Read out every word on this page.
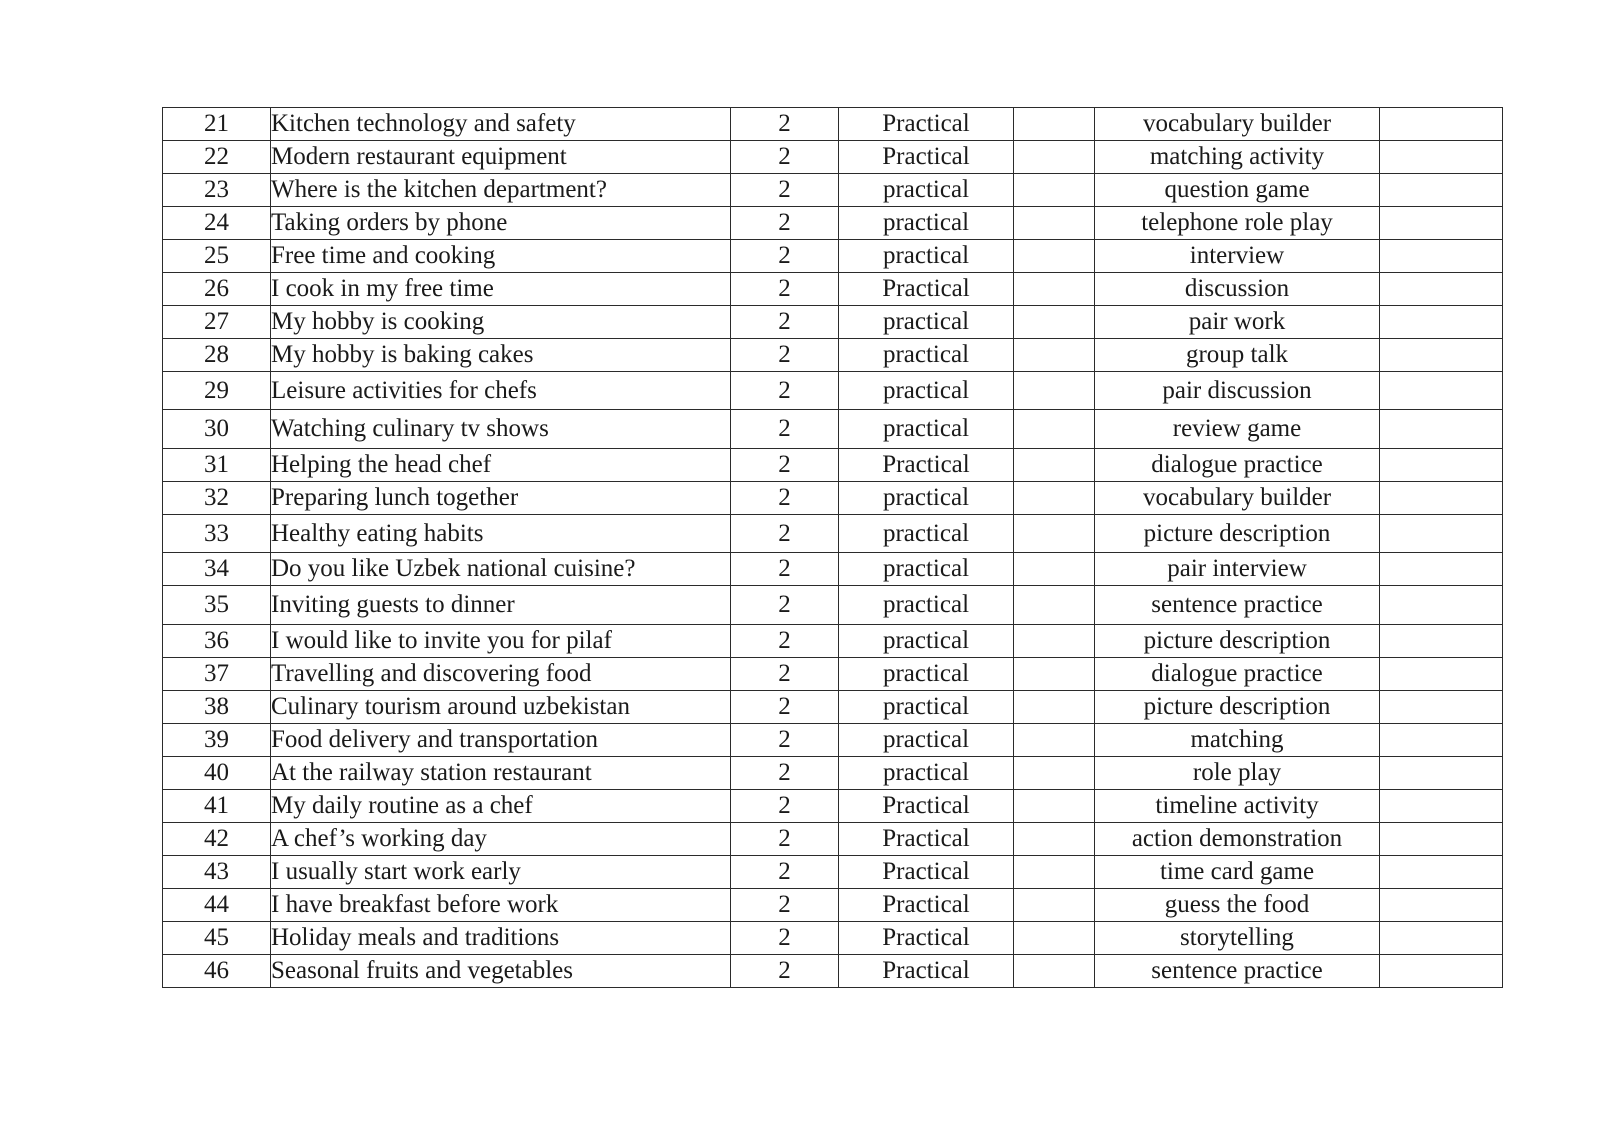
21	Kitchen technology and safety	2	Practical		vocabulary builder	
22	Modern restaurant equipment	2	Practical		matching activity	
23	Where is the kitchen department?	2	practical		question game	
24	Taking orders by phone	2	practical		telephone role play	
25	Free time and cooking	2	practical		interview	
26	I cook in my free time	2	Practical		discussion	
27	My hobby is cooking	2	practical		pair work	
28	My hobby is baking cakes	2	practical		group talk	
29	Leisure activities for chefs	2	practical		pair discussion	
30	Watching culinary tv shows	2	practical		review game	
31	Helping the head chef	2	Practical		dialogue practice	
32	Preparing lunch together	2	practical		vocabulary builder	
33	Healthy eating habits	2	practical		picture description	
34	Do you like Uzbek national cuisine?	2	practical		pair interview	
35	Inviting guests to dinner	2	practical		sentence practice	
36	I would like to invite you for pilaf	2	practical		picture description	
37	Travelling and discovering food	2	practical		dialogue practice	
38	Culinary tourism around uzbekistan	2	practical		picture description	
39	Food delivery and transportation	2	practical		matching	
40	At the railway station restaurant	2	practical		role play	
41	My daily routine as a chef	2	Practical		timeline activity	
42	A chef’s working day	2	Practical		action demonstration	
43	I usually start work early	2	Practical		time card game	
44	I have breakfast before work	2	Practical		guess the food	
45	Holiday meals and traditions	2	Practical		storytelling	
46	Seasonal fruits and vegetables	2	Practical		sentence practice	
